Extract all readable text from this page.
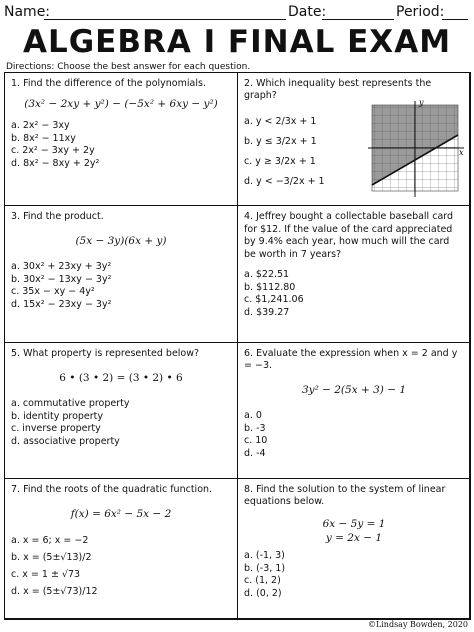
Name:	Date:	Period:
ALGEBRA I FINAL EXAM
Directions: Choose the best answer for each question.
1. Find the difference of the polynomials.
(3x² − 2xy + y²) − (−5x² + 6xy − y²)
a. 2x² − 3xy
b. 8x² − 11xy
c. 2x² − 3xy + 2y
d. 8x² − 8xy + 2y²
2. Which inequality best represents the graph?
a. y < 2/3x + 1
b. y ≤ 3/2x + 1
c. y ≥ 3/2x + 1
d. y < −3/2x + 1
y
x
3. Find the product.
(5x − 3y)(6x + y)
a. 30x² + 23xy + 3y²
b. 30x² − 13xy − 3y²
c. 35x − xy − 4y²
d. 15x² − 23xy − 3y²
4. Jeffrey bought a collectable baseball card for $12. If the value of the card appreciated by 9.4% each year, how much will the card be worth in 7 years?
a. $22.51
b. $112.80
c. $1,241.06
d. $39.27
5. What property is represented below?
6 • (3 • 2) = (3 • 2) • 6
a. commutative property
b. identity property
c. inverse property
d. associative property
6. Evaluate the expression when x = 2 and y = −3.
3y² − 2(5x + 3) − 1
a. 0
b. -3
c. 10
d. -4
7. Find the roots of the quadratic function.
f(x) = 6x² − 5x − 2
a. x = 6; x = −2
b. x = (5±√13)/2
c. x = 1 ± √73
d. x = (5±√73)/12
8. Find the solution to the system of linear equations below.
6x − 5y = 1
y = 2x − 1
a. (-1, 3)
b. (-3, 1)
c. (1, 2)
d. (0, 2)
©Lindsay Bowden, 2020
